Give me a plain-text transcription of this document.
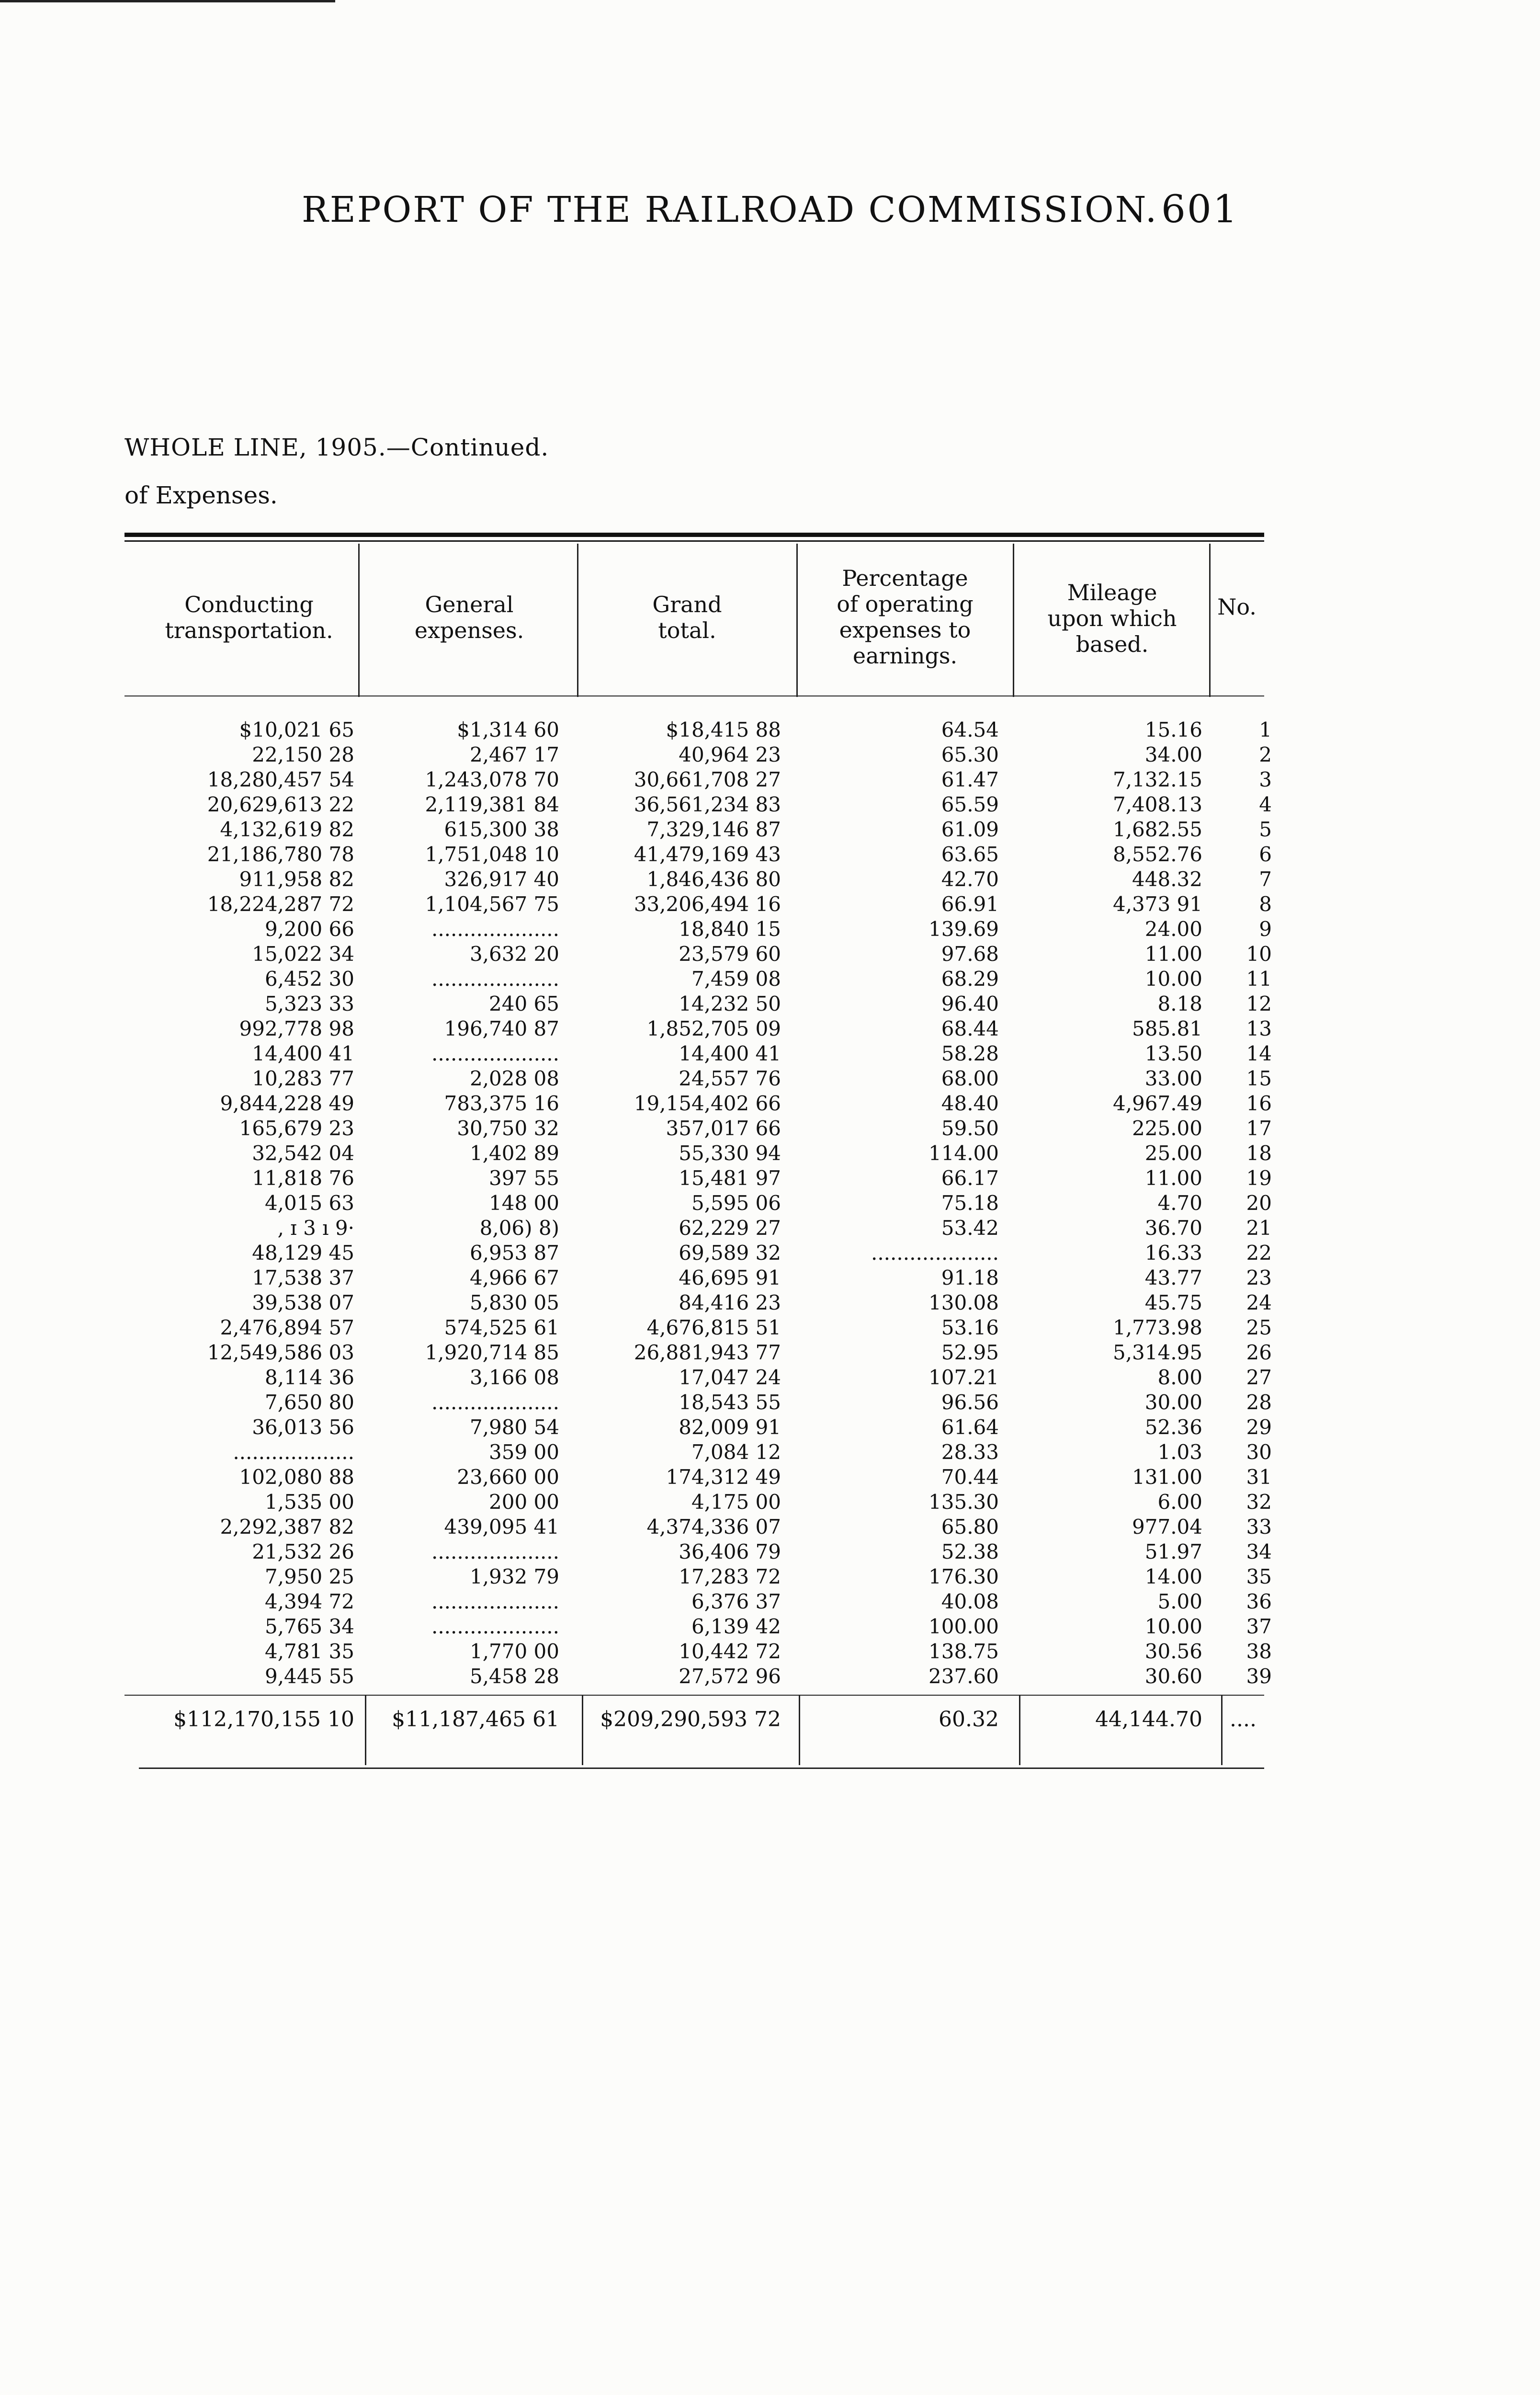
REPORT OF THE RAILROAD COMMISSION. 601
WHOLE LINE, 1905.—Continued.
of Expenses.
Conducting
transportation.
General
expenses.
Grand
total.
Percentage
of operating
expenses to
earnings.
Mileage
upon which
based.
No.
$10,021 65	$1,314 60	$18,415 88	64.54	15.16	1
22,150 28	2,467 17	40,964 23	65.30	34.00	2
18,280,457 54	1,243,078 70	30,661,708 27	61.47	7,132.15	3
20,629,613 22	2,119,381 84	36,561,234 83	65.59	7,408.13	4
4,132,619 82	615,300 38	7,329,146 87	61.09	1,682.55	5
21,186,780 78	1,751,048 10	41,479,169 43	63.65	8,552.76	6
911,958 82	326,917 40	1,846,436 80	42.70	448.32	7
18,224,287 72	1,104,567 75	33,206,494 16	66.91	4,373 91	8
9,200 66	....................	18,840 15	139.69	24.00	9
15,022 34	3,632 20	23,579 60	97.68	11.00 10
6,452 30	....................	7,459 08	68.29	10.00 11
5,323 33	240 65	14,232 50	96.40	8.18 12
992,778 98	196,740 87	1,852,705 09	68.44	585.81 13
14,400 41	....................	14,400 41	58.28	13.50 14
10,283 77	2,028 08	24,557 76	68.00	33.00 15
9,844,228 49	783,375 16	19,154,402 66	48.40	4,967.49 16
165,679 23	30,750 32	357,017 66	59.50	225.00 17
32,542 04	1,402 89	55,330 94	114.00	25.00 18
11,818 76	397 55	15,481 97	66.17	11.00 19
4,015 63	148 00	5,595 06	75.18	4.70 20
, ɪ 3 ı 9·	8,06) 8)	62,229 27	53.42	36.70 21
48,129 45	6,953 87	69,589 32	....................	16.33 22
17,538 37	4,966 67	46,695 91	91.18	43.77 23
39,538 07	5,830 05	84,416 23	130.08	45.75 24
2,476,894 57	574,525 61	4,676,815 51	53.16	1,773.98 25
12,549,586 03	1,920,714 85	26,881,943 77	52.95	5,314.95 26
8,114 36	3,166 08	17,047 24	107.21	8.00 27
7,650 80	....................	18,543 55	96.56	30.00 28
36,013 56	7,980 54	82,009 91	61.64	52.36 29
...................	359 00	7,084 12	28.33	1.03 30
102,080 88	23,660 00	174,312 49	70.44	131.00 31
1,535 00	200 00	4,175 00	135.30	6.00 32
2,292,387 82	439,095 41	4,374,336 07	65.80	977.04 33
21,532 26	....................	36,406 79	52.38	51.97 34
7,950 25	1,932 79	17,283 72	176.30	14.00 35
4,394 72	....................	6,376 37	40.08	5.00 36
5,765 34	....................	6,139 42	100.00	10.00 37
4,781 35	1,770 00	10,442 72	138.75	30.56 38
9,445 55	5,458 28	27,572 96	237.60	30.60 39
$112,170,155 10 $11,187,465 61 $209,290,593 72	60.32	44,144.70 ....
